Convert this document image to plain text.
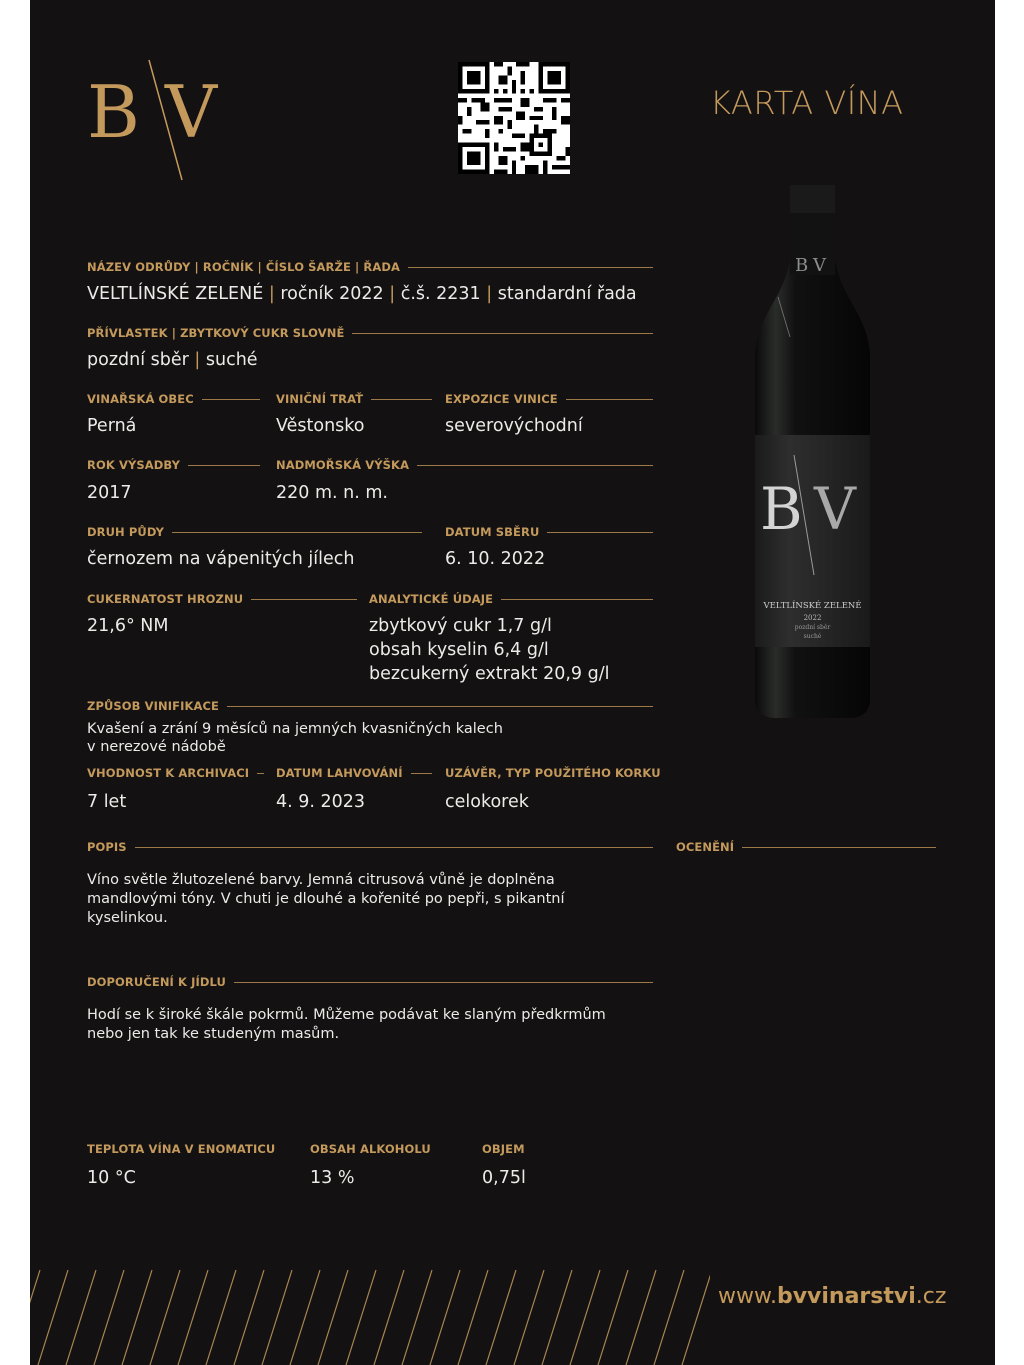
B V	KARTA VÍNA
NÁZEV ODRŮDY | ROČNÍK | ČÍSLO ŠARŽE | ŘADA
VELTLÍNSKÉ ZELENÉ | ročník 2022 | č.š. 2231 | standardní řada
PŘÍVLASTEK | ZBYTKOVÝ CUKR SLOVNĚ
pozdní sběr | suché
VINAŘSKÁ OBEC
Perná
VINIČNÍ TRAŤ
Věstonsko
EXPOZICE VINICE
severovýchodní
ROK VÝSADBY
2017
NADMOŘSKÁ VÝŠKA
220 m. n. m.
DRUH PŮDY
černozem na vápenitých jílech
DATUM SBĚRU
6. 10. 2022
CUKERNATOST HROZNU
21,6° NM
ANALYTICKÉ ÚDAJE
zbytkový cukr 1,7 g/l
obsah kyselin 6,4 g/l
bezcukerný extrakt 20,9 g/l
ZPŮSOB VINIFIKACE
Kvašení a zrání 9 měsíců na jemných kvasničných kalech
v nerezové nádobě
VHODNOST K ARCHIVACI
7 let
DATUM LAHVOVÁNÍ
4. 9. 2023
UZÁVĚR, TYP POUŽITÉHO KORKU
celokorek
POPIS	OCENĚNÍ
Víno světle žlutozelené barvy. Jemná citrusová vůně je doplněna
mandlovými tóny. V chuti je dlouhé a kořenité po pepři, s pikantní
kyselinkou.
DOPORUČENÍ K JÍDLU
Hodí se k široké škále pokrmů. Můžeme podávat ke slaným předkrmům
nebo jen tak ke studeným masům.
TEPLOTA VÍNA V ENOMATICU
10 °C
OBSAH ALKOHOLU
13 %
OBJEM
0,75l
B V
B V
VELTLÍNSKÉ ZELENÉ
2022
pozdní sběr
suché
www.bvvinarstvi.cz
